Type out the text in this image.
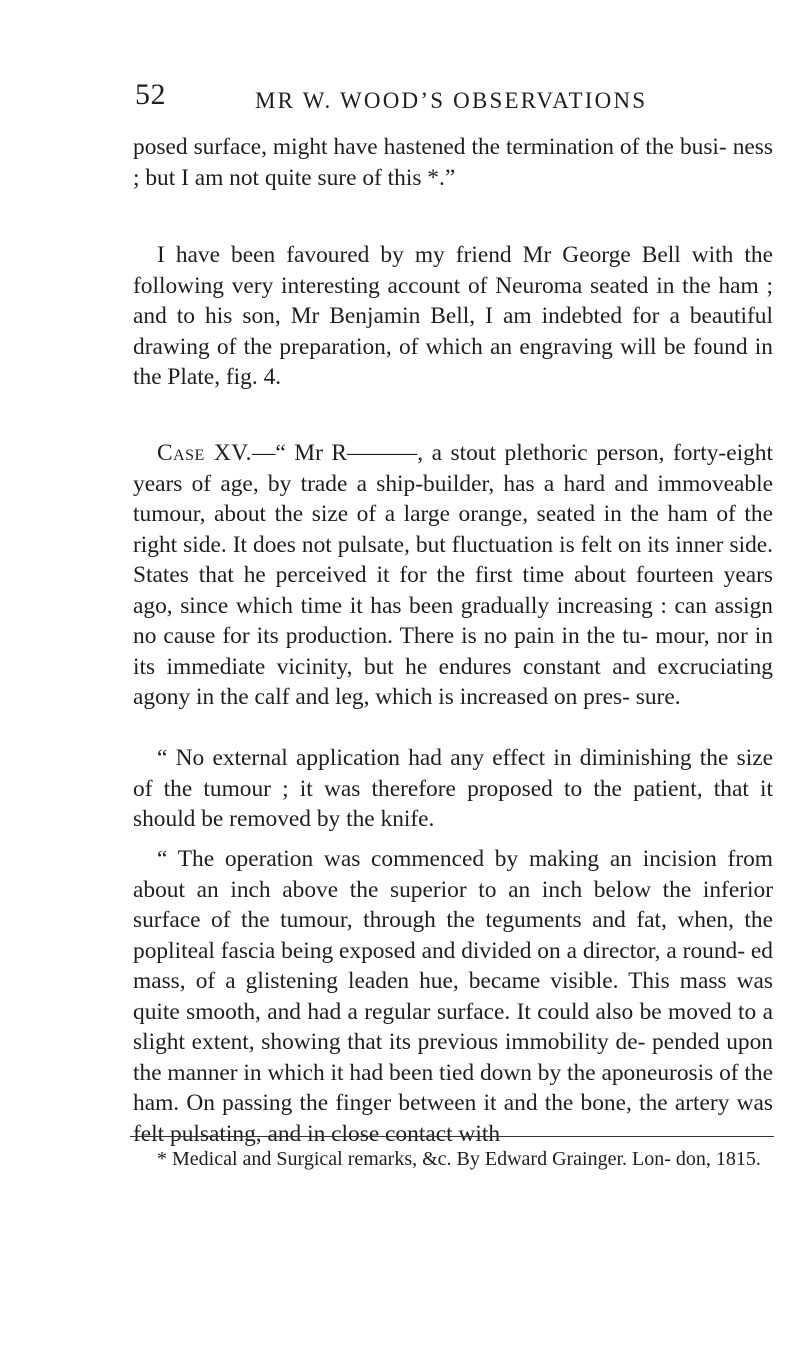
52	MR W. WOOD’S OBSERVATIONS

posed surface, might have hastened the termination of the busi- ness ; but I am not quite sure of this *.”

I have been favoured by my friend Mr George Bell with the following very interesting account of Neuroma seated in the ham ; and to his son, Mr Benjamin Bell, I am indebted for a beautiful drawing of the preparation, of which an engraving will be found in the Plate, fig. 4.

Case XV.—“ Mr R———, a stout plethoric person, forty-eight years of age, by trade a ship-builder, has a hard and immoveable tumour, about the size of a large orange, seated in the ham of the right side. It does not pulsate, but fluctuation is felt on its inner side. States that he perceived it for the first time about fourteen years ago, since which time it has been gradually increasing : can assign no cause for its production. There is no pain in the tu- mour, nor in its immediate vicinity, but he endures constant and excruciating agony in the calf and leg, which is increased on pres- sure.

“ No external application had any effect in diminishing the size of the tumour ; it was therefore proposed to the patient, that it should be removed by the knife.

“ The operation was commenced by making an incision from about an inch above the superior to an inch below the inferior surface of the tumour, through the teguments and fat, when, the popliteal fascia being exposed and divided on a director, a round- ed mass, of a glistening leaden hue, became visible. This mass was quite smooth, and had a regular surface. It could also be moved to a slight extent, showing that its previous immobility de- pended upon the manner in which it had been tied down by the aponeurosis of the ham. On passing the finger between it and the bone, the artery was felt pulsating, and in close contact with

* Medical and Surgical remarks, &c. By Edward Grainger. Lon- don, 1815.
